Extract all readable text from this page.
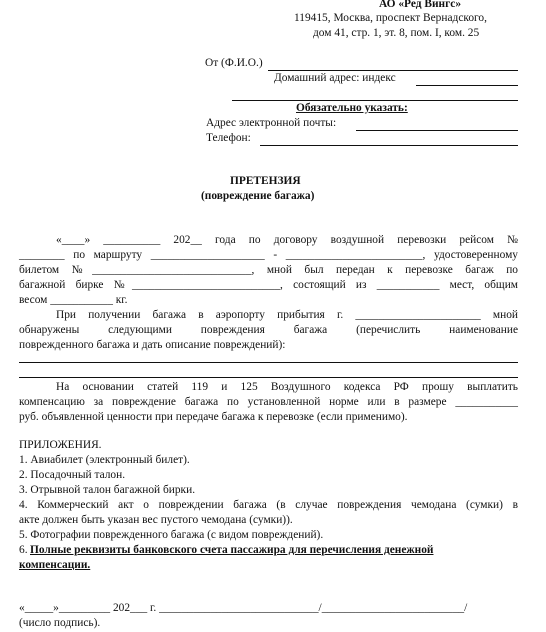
АО «Ред Вингс»
119415, Москва, проспект Вернадского,
дом 41, стр. 1, эт. 8, пом. I, ком. 25
От (Ф.И.О.)
Домашний адрес: индекс
Обязательно указать:
Адрес электронной почты:
Телефон:
ПРЕТЕНЗИЯ
(повреждение багажа)
«____» __________ 202__ года по договору воздушной перевозки рейсом №
________ по маршруту ____________________ - ________________________, удостоверенному
билетом №____________________________, мной был передан к перевозке багаж по
багажной бирке №__________________________, состоящий из ___________ мест, общим
весом ___________ кг.
При получении багажа в аэропорту прибытия г. ______________________ мной
обнаружены следующими повреждения багажа (перечислить наименование
поврежденного багажа и дать описание повреждений):
На основании статей 119 и 125 Воздушного кодекса РФ прошу выплатить
компенсацию за повреждение багажа по установленной норме или в размере ___________
руб. объявленной ценности при передаче багажа к перевозке (если применимо).
ПРИЛОЖЕНИЯ.
1. Авиабилет (электронный билет).
2. Посадочный талон.
3. Отрывной талон багажной бирки.
4. Коммерческий акт о повреждении багажа (в случае повреждения чемодана (сумки) в
акте должен быть указан вес пустого чемодана (сумки)).
5. Фотографии поврежденного багажа (с видом повреждений).
6. Полные реквизиты банковского счета пассажира для перечисления денежной
компенсации.
«_____»_________ 202___ г. ____________________________/_________________________/
(число подпись).
